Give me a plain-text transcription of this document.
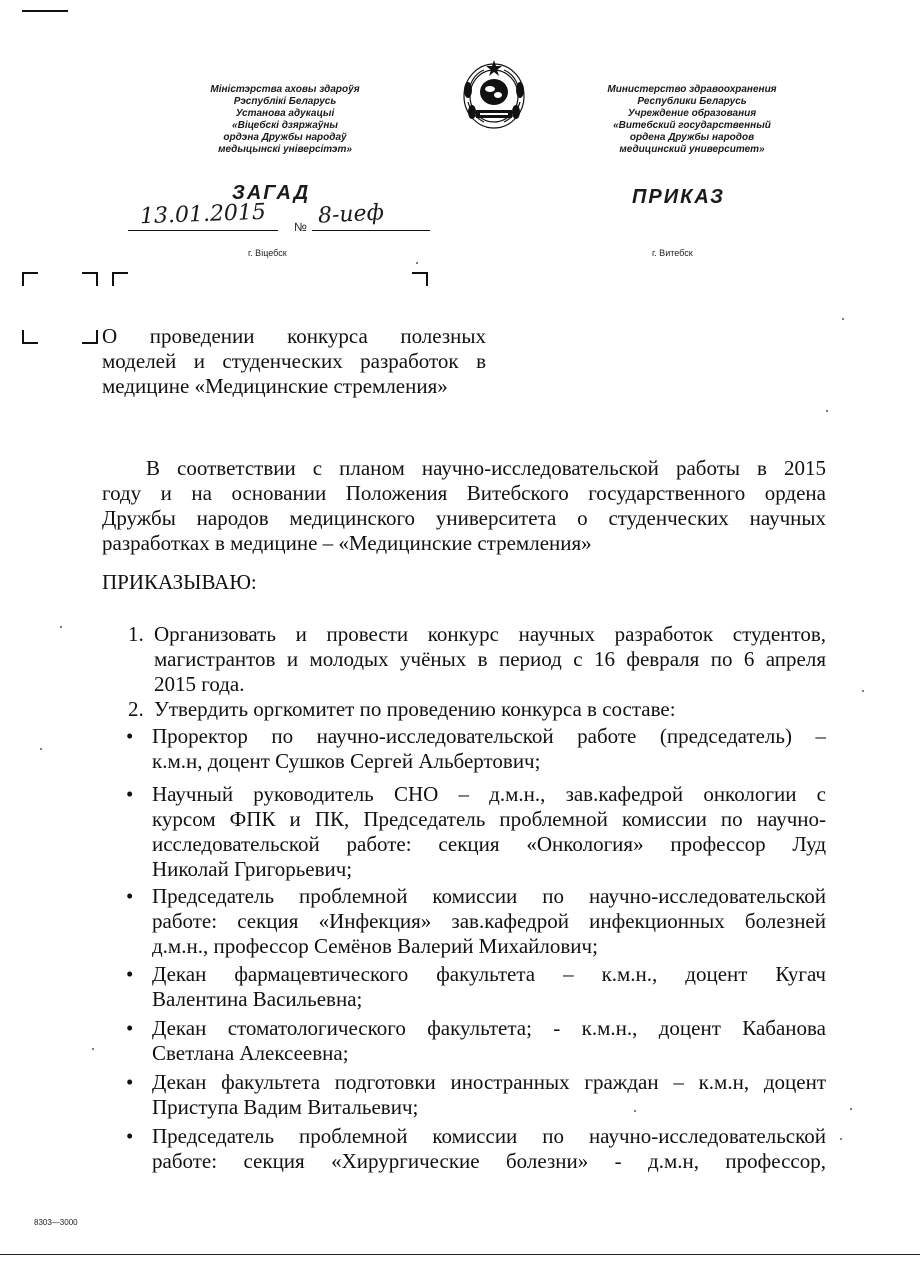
Міністэрства аховы здароўя
Рэспублікі Беларусь
Установа адукацыі
«Віцебскі дзяржаўны
ордэна Дружбы народаў
медыцынскі універсітэт»
Министерство здравоохранения
Республики Беларусь
Учреждение образования
«Витебский государственный
ордена Дружбы народов
медицинский университет»
ЗАГАД	ПРИКАЗ
13.01.2015 № 8-иеф
г. Віцебск	г. Витебск
О проведении конкурса полезных
моделей и студенческих разработок в
медицине «Медицинские стремления»
В соответствии с планом научно-исследовательской работы в 2015
году и на основании Положения Витебского государственного ордена
Дружбы народов медицинского университета о студенческих научных
разработках в медицине – «Медицинские стремления»
ПРИКАЗЫВАЮ:
1. Организовать и провести конкурс научных разработок студентов,
магистрантов и молодых учёных в период с 16 февраля по 6 апреля
2015 года.
2. Утвердить оргкомитет по проведению конкурса в составе:
• Проректор по научно-исследовательской работе (председатель) –
к.м.н, доцент Сушков Сергей Альбертович;
• Научный руководитель СНО – д.м.н., зав.кафедрой онкологии с
курсом ФПК и ПК, Председатель проблемной комиссии по научно-
исследовательской работе: секция «Онкология» профессор Луд
Николай Григорьевич;
• Председатель проблемной комиссии по научно-исследовательской
работе: секция «Инфекция» зав.кафедрой инфекционных болезней
д.м.н., профессор Семёнов Валерий Михайлович;
• Декан фармацевтического факультета – к.м.н., доцент Кугач
Валентина Васильевна;
• Декан стоматологического факультета; - к.м.н., доцент Кабанова
Светлана Алексеевна;
• Декан факультета подготовки иностранных граждан – к.м.н, доцент
Приступа Вадим Витальевич;
• Председатель проблемной комиссии по научно-исследовательской
работе: секция «Хирургические болезни» - д.м.н, профессор,
8303—3000
